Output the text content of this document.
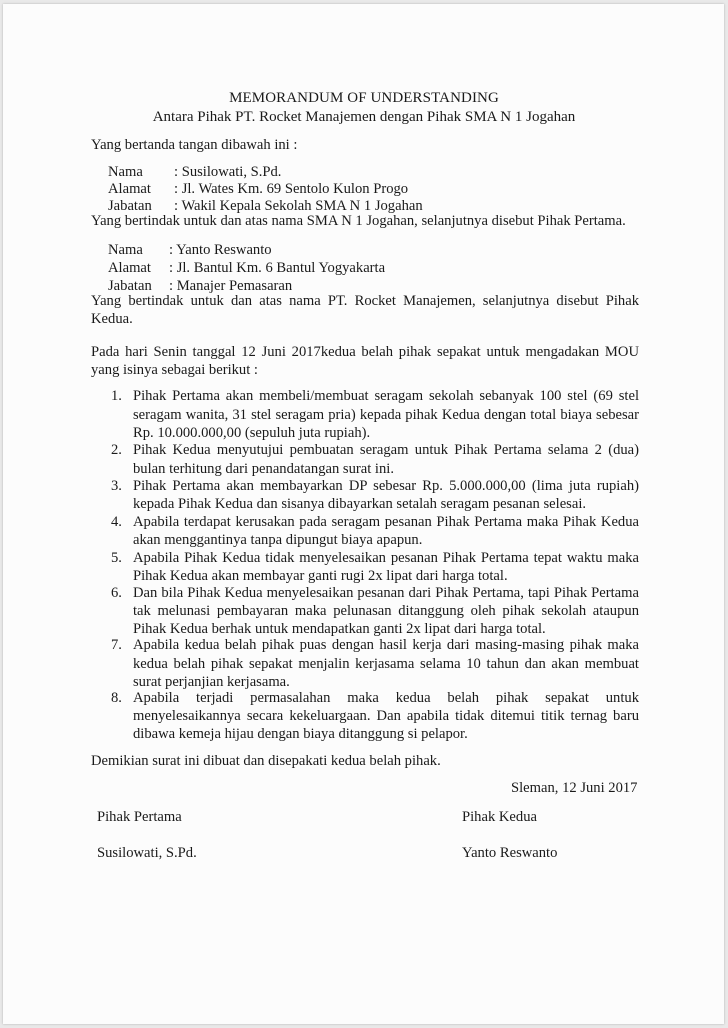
MEMORANDUM OF UNDERSTANDING
Antara Pihak PT. Rocket Manajemen dengan Pihak SMA N 1 Jogahan
Yang bertanda tangan dibawah ini :
Nama : Susilowati, S.Pd.
Alamat : Jl. Wates Km. 69 Sentolo Kulon Progo
Jabatan : Wakil Kepala Sekolah SMA N 1 Jogahan
Yang bertindak untuk dan atas nama SMA N 1 Jogahan, selanjutnya disebut Pihak Pertama.
Nama : Yanto Reswanto
Alamat : Jl. Bantul Km. 6 Bantul Yogyakarta
Jabatan : Manajer Pemasaran
Yang bertindak untuk dan atas nama PT. Rocket Manajemen, selanjutnya disebut Pihak
Kedua.
Pada hari Senin tanggal 12 Juni 2017kedua belah pihak sepakat untuk mengadakan MOU
yang isinya sebagai berikut :
1. Pihak Pertama akan membeli/membuat seragam sekolah sebanyak 100 stel (69 stel
seragam wanita, 31 stel seragam pria) kepada pihak Kedua dengan total biaya sebesar
Rp. 10.000.000,00 (sepuluh juta rupiah).
2. Pihak Kedua menyutujui pembuatan seragam untuk Pihak Pertama selama 2 (dua)
bulan terhitung dari penandatangan surat ini.
3. Pihak Pertama akan membayarkan DP sebesar Rp. 5.000.000,00 (lima juta rupiah)
kepada Pihak Kedua dan sisanya dibayarkan setalah seragam pesanan selesai.
4. Apabila terdapat kerusakan pada seragam pesanan Pihak Pertama maka Pihak Kedua
akan menggantinya tanpa dipungut biaya apapun.
5. Apabila Pihak Kedua tidak menyelesaikan pesanan Pihak Pertama tepat waktu maka
Pihak Kedua akan membayar ganti rugi 2x lipat dari harga total.
6. Dan bila Pihak Kedua menyelesaikan pesanan dari Pihak Pertama, tapi Pihak Pertama
tak melunasi pembayaran maka pelunasan ditanggung oleh pihak sekolah ataupun
Pihak Kedua berhak untuk mendapatkan ganti 2x lipat dari harga total.
7. Apabila kedua belah pihak puas dengan hasil kerja dari masing-masing pihak maka
kedua belah pihak sepakat menjalin kerjasama selama 10 tahun dan akan membuat
surat perjanjian kerjasama.
8. Apabila terjadi permasalahan maka kedua belah pihak sepakat untuk
menyelesaikannya secara kekeluargaan. Dan apabila tidak ditemui titik ternag baru
dibawa kemeja hijau dengan biaya ditanggung si pelapor.
Demikian surat ini dibuat dan disepakati kedua belah pihak.
Sleman, 12 Juni 2017
Pihak Pertama	Pihak Kedua
Susilowati, S.Pd.	Yanto Reswanto
